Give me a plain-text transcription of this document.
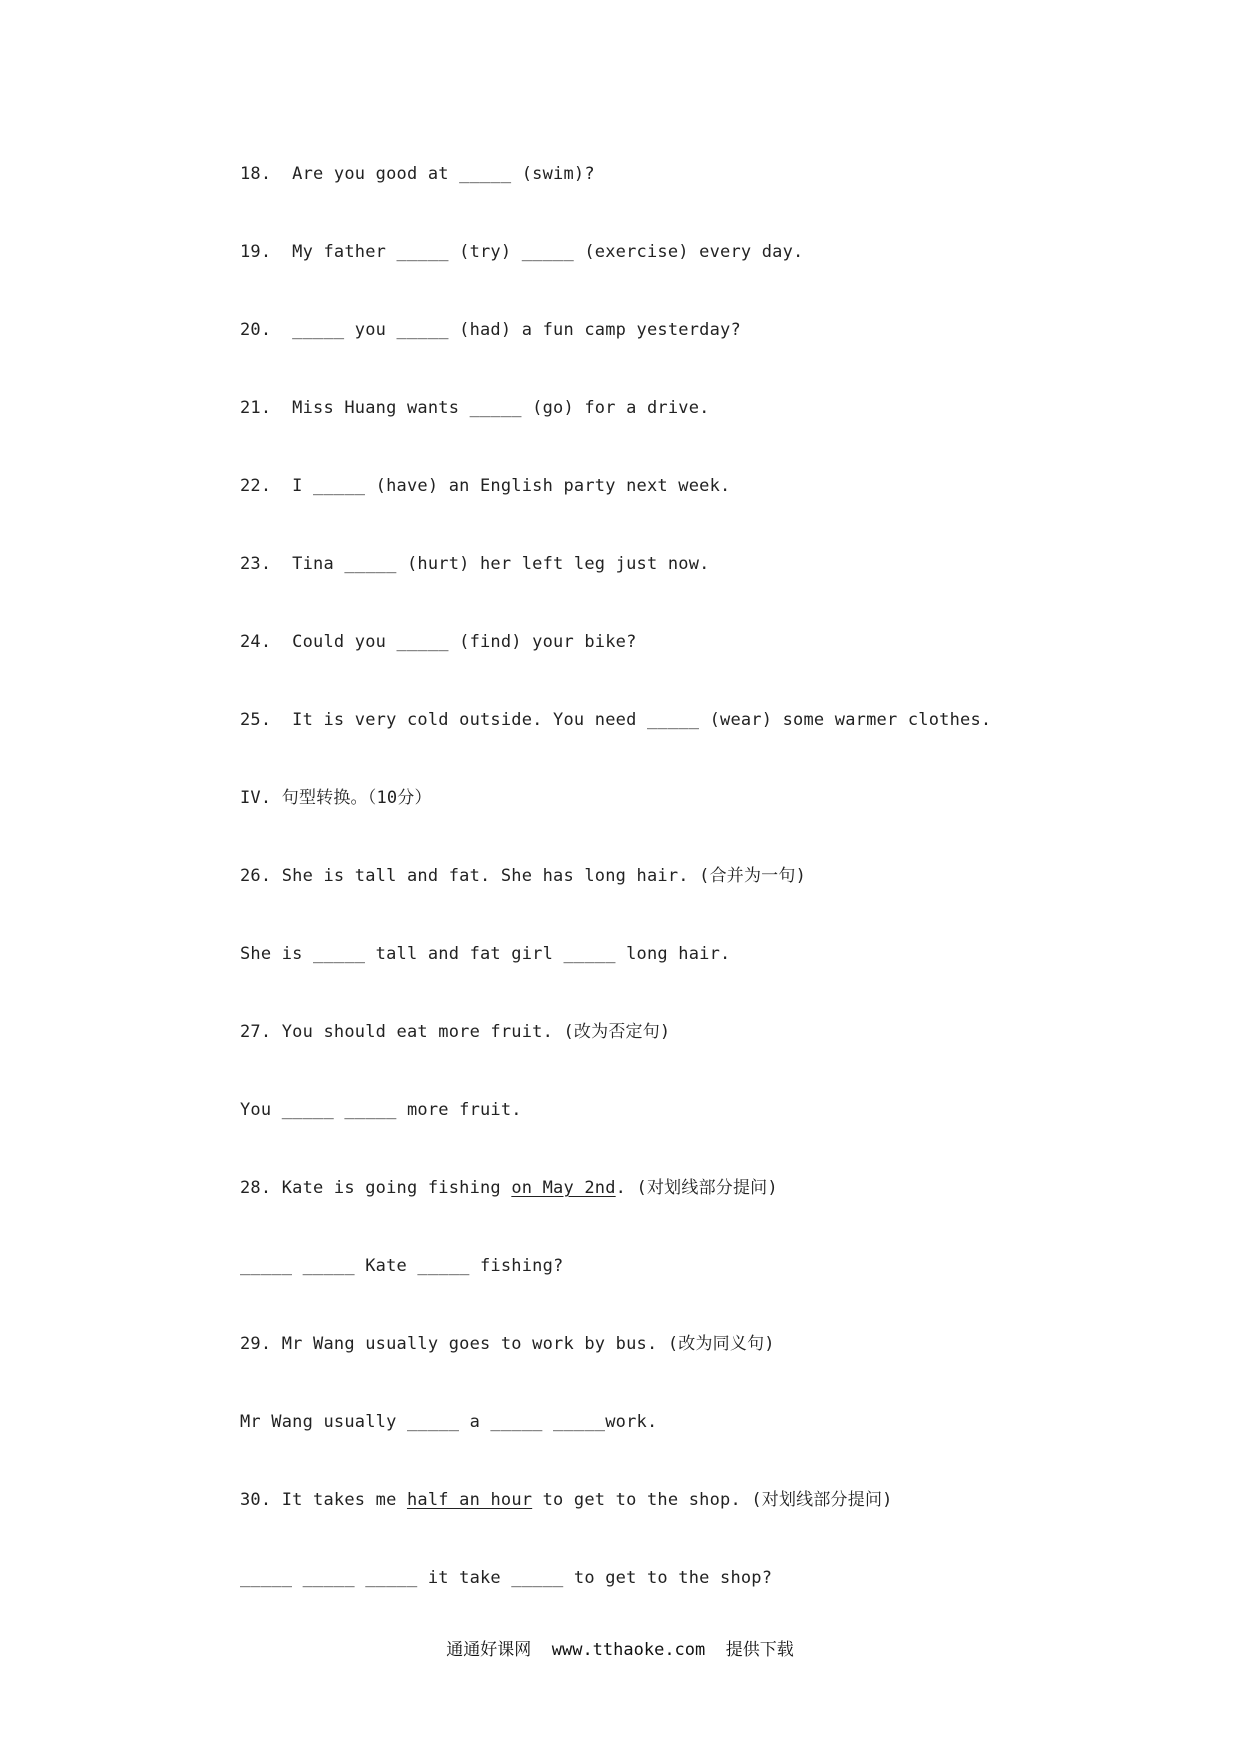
18.  Are you good at _____ (swim)?
19.  My father _____ (try) _____ (exercise) every day.
20.  _____ you _____ (had) a fun camp yesterday?
21.  Miss Huang wants _____ (go) for a drive.
22.  I _____ (have) an English party next week.
23.  Tina _____ (hurt) her left leg just now.
24.  Could you _____ (find) your bike?
25.  It is very cold outside. You need _____ (wear) some warmer clothes.
IV. 句型转换。（10分）
26. She is tall and fat. She has long hair. (合并为一句)
She is _____ tall and fat girl _____ long hair.
27. You should eat more fruit. (改为否定句)
You _____ _____ more fruit.
28. Kate is going fishing on May 2nd. (对划线部分提问)
_____ _____ Kate _____ fishing?
29. Mr Wang usually goes to work by bus. (改为同义句)
Mr Wang usually _____ a _____ _____work.
30. It takes me half an hour to get to the shop. (对划线部分提问)
_____ _____ _____ it take _____ to get to the shop?
通通好课网  www.tthaoke.com  提供下载
